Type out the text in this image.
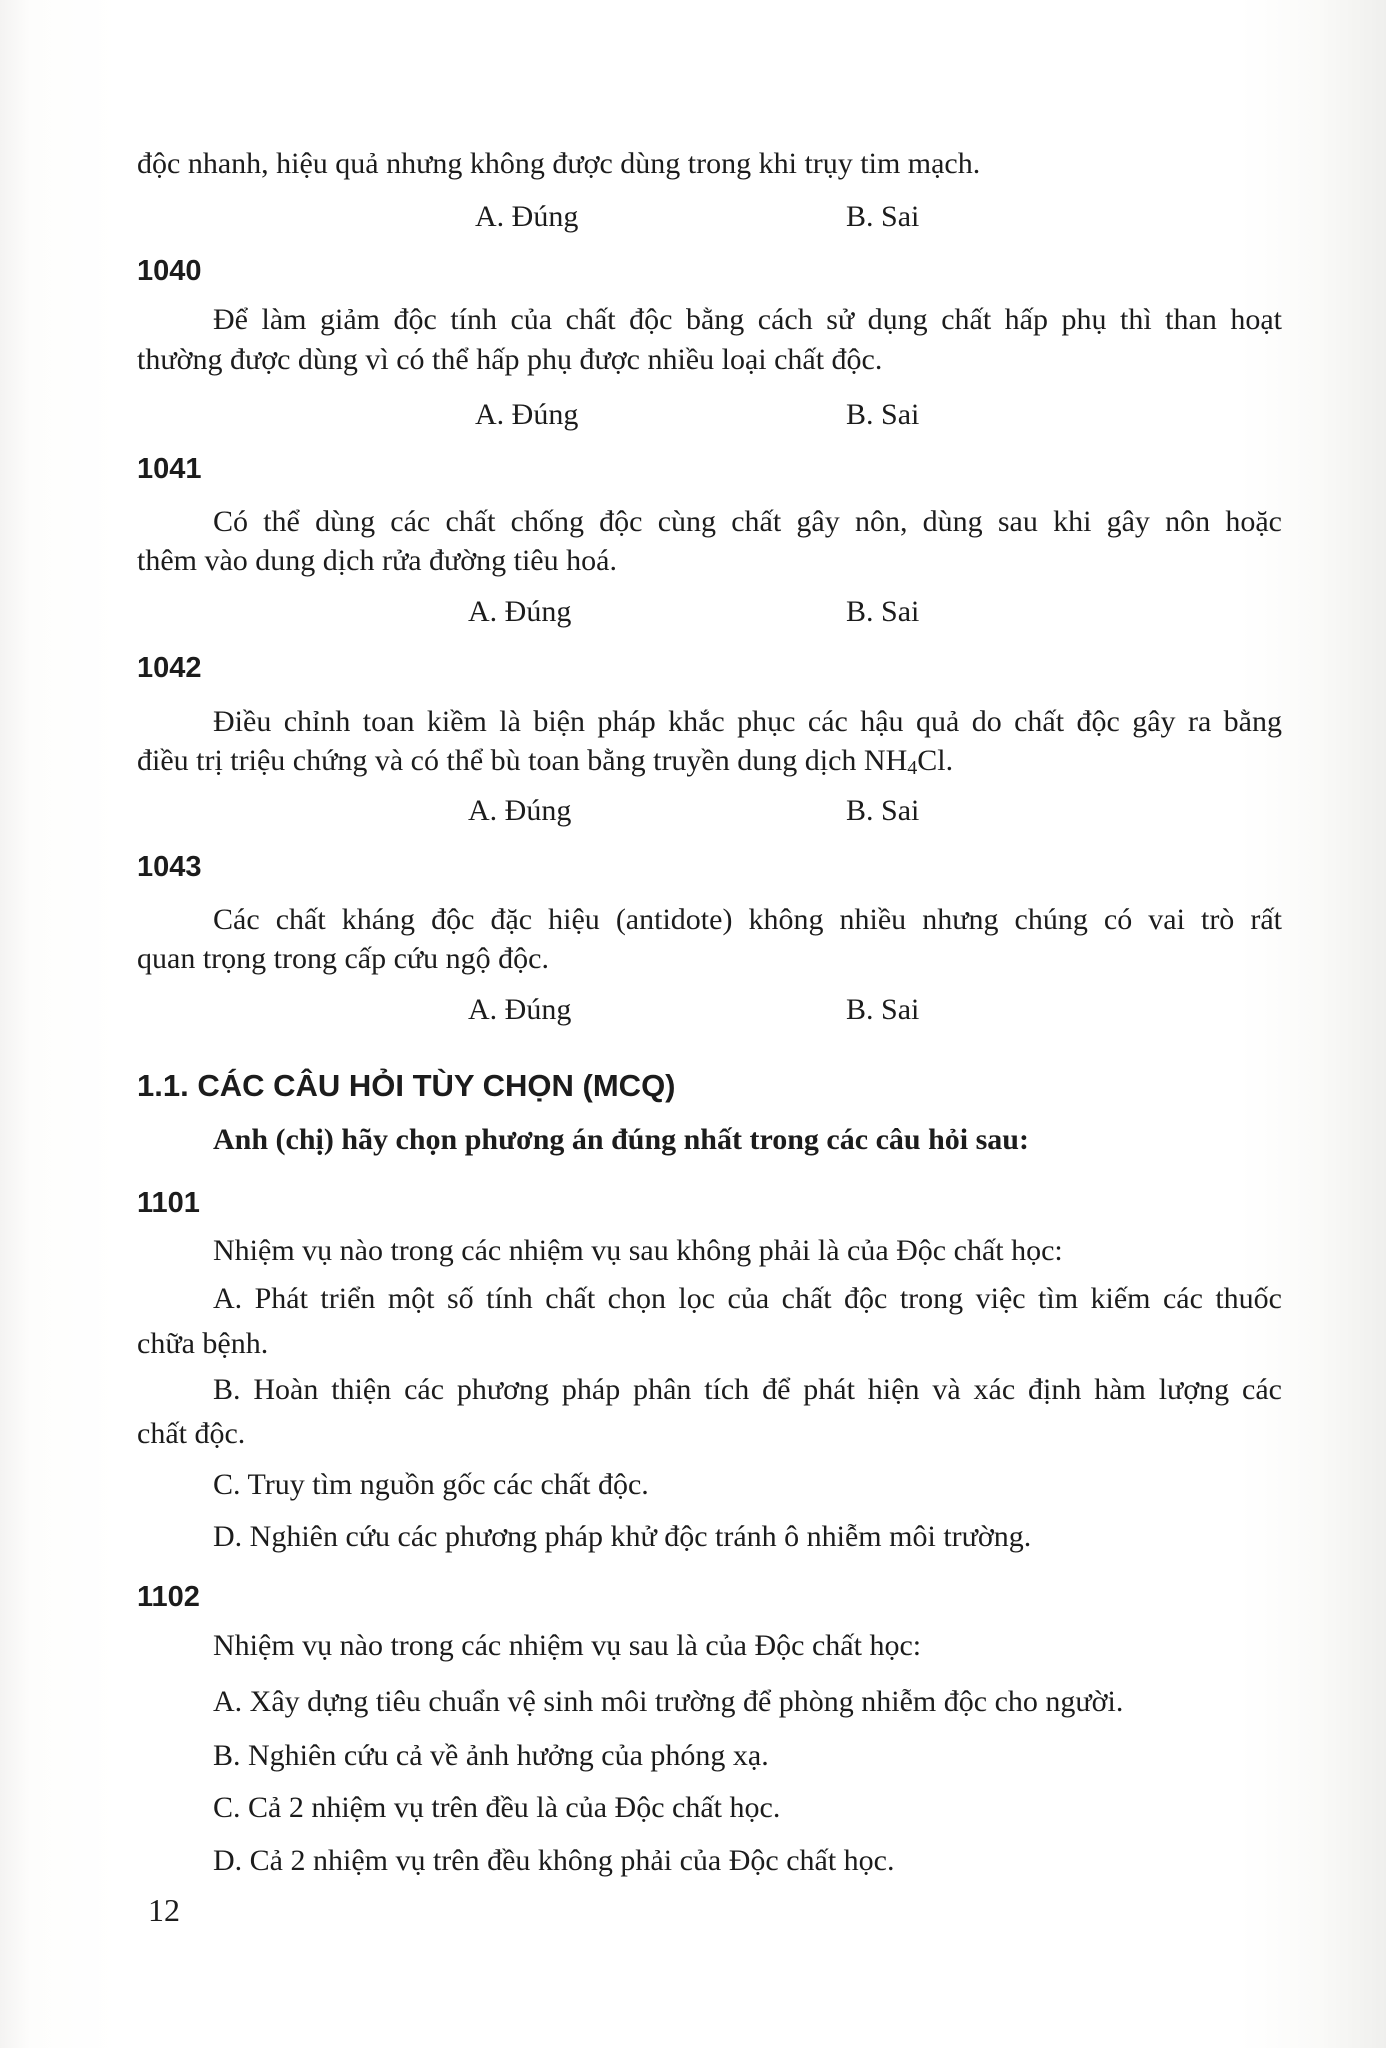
độc nhanh, hiệu quả nhưng không được dùng trong khi trụy tim mạch.
A. Đúng	B. Sai
1040
Để làm giảm độc tính của chất độc bằng cách sử dụng chất hấp phụ thì than hoạt
thường được dùng vì có thể hấp phụ được nhiều loại chất độc.
A. Đúng	B. Sai
1041
Có thể dùng các chất chống độc cùng chất gây nôn, dùng sau khi gây nôn hoặc
thêm vào dung dịch rửa đường tiêu hoá.
A. Đúng	B. Sai
1042
Điều chỉnh toan kiềm là biện pháp khắc phục các hậu quả do chất độc gây ra bằng
điều trị triệu chứng và có thể bù toan bằng truyền dung dịch NH4Cl.
A. Đúng	B. Sai
1043
Các chất kháng độc đặc hiệu (antidote) không nhiều nhưng chúng có vai trò rất
quan trọng trong cấp cứu ngộ độc.
A. Đúng	B. Sai
1.1. CÁC CÂU HỎI TÙY CHỌN (MCQ)
Anh (chị) hãy chọn phương án đúng nhất trong các câu hỏi sau:
1101
Nhiệm vụ nào trong các nhiệm vụ sau không phải là của Độc chất học:
A. Phát triển một số tính chất chọn lọc của chất độc trong việc tìm kiếm các thuốc
chữa bệnh.
B. Hoàn thiện các phương pháp phân tích để phát hiện và xác định hàm lượng các
chất độc.
C. Truy tìm nguồn gốc các chất độc.
D. Nghiên cứu các phương pháp khử độc tránh ô nhiễm môi trường.
1102
Nhiệm vụ nào trong các nhiệm vụ sau là của Độc chất học:
A. Xây dựng tiêu chuẩn vệ sinh môi trường để phòng nhiễm độc cho người.
B. Nghiên cứu cả về ảnh hưởng của phóng xạ.
C. Cả 2 nhiệm vụ trên đều là của Độc chất học.
D. Cả 2 nhiệm vụ trên đều không phải của Độc chất học.
12
